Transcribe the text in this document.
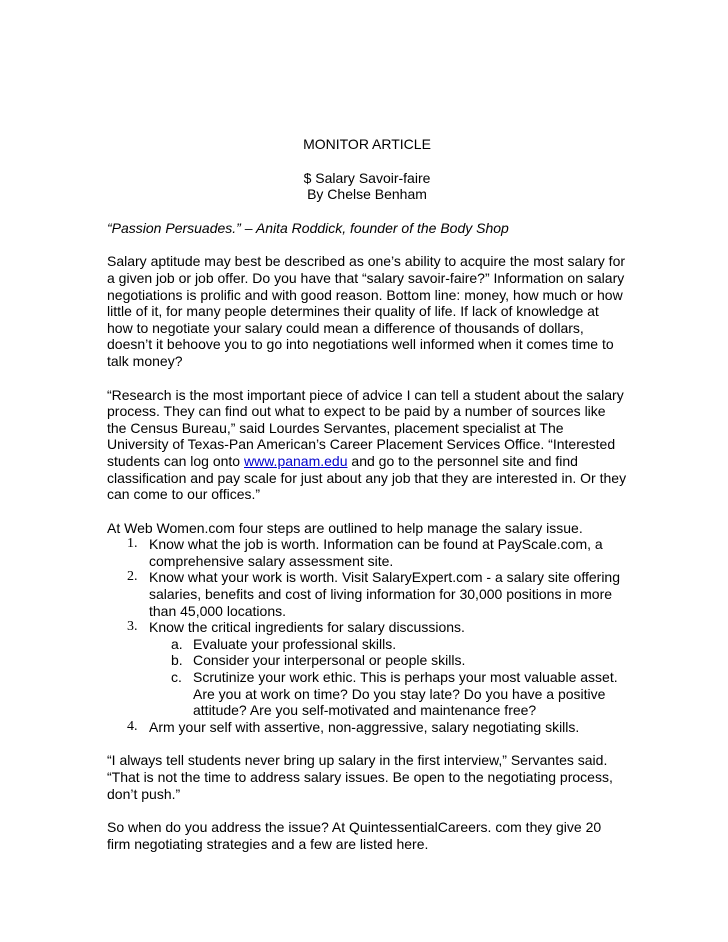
MONITOR ARTICLE

$ Salary Savoir-faire

By Chelse Benham

“Passion Persuades.” – Anita Roddick, founder of the Body Shop

Salary aptitude may best be described as one’s ability to acquire the most salary for a given job or job offer. Do you have that “salary savoir-faire?” Information on salary negotiations is prolific and with good reason. Bottom line: money, how much or how little of it, for many people determines their quality of life. If lack of knowledge at how to negotiate your salary could mean a difference of thousands of dollars, doesn’t it behoove you to go into negotiations well informed when it comes time to talk money?

“Research is the most important piece of advice I can tell a student about the salary process. They can find out what to expect to be paid by a number of sources like the Census Bureau,” said Lourdes Servantes, placement specialist at The University of Texas-Pan American’s Career Placement Services Office. “Interested students can log onto www.panam.edu and go to the personnel site and find classification and pay scale for just about any job that they are interested in. Or they can come to our offices.”

At Web Women.com four steps are outlined to help manage the salary issue.

1. Know what the job is worth. Information can be found at PayScale.com, a comprehensive salary assessment site.
2. Know what your work is worth. Visit SalaryExpert.com - a salary site offering salaries, benefits and cost of living information for 30,000 positions in more than 45,000 locations.
3. Know the critical ingredients for salary discussions.
a. Evaluate your professional skills.
b. Consider your interpersonal or people skills.
c. Scrutinize your work ethic. This is perhaps your most valuable asset. Are you at work on time? Do you stay late? Do you have a positive attitude? Are you self-motivated and maintenance free?
4. Arm your self with assertive, non-aggressive, salary negotiating skills.

“I always tell students never bring up salary in the first interview,” Servantes said. “That is not the time to address salary issues. Be open to the negotiating process, don’t push.”

So when do you address the issue? At QuintessentialCareers. com they give 20 firm negotiating strategies and a few are listed here.
